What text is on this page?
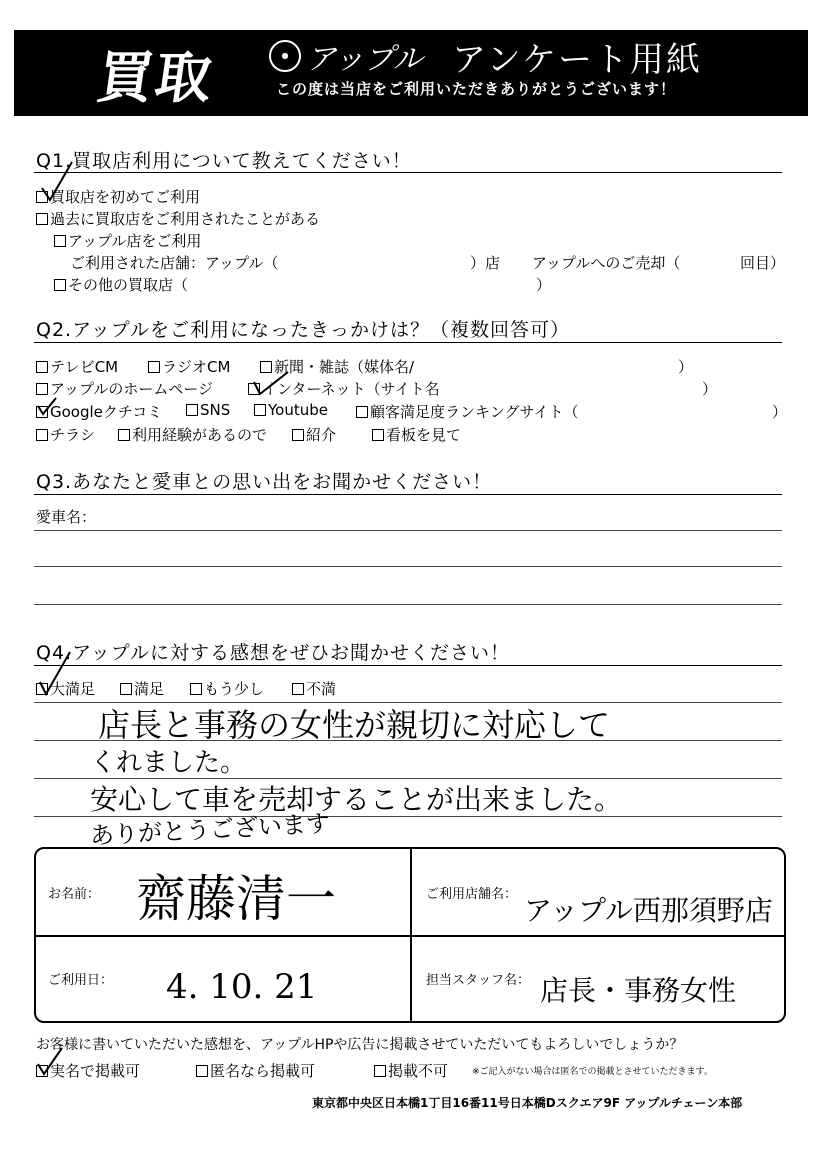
買取	● アップル アンケート用紙
この度は当店をご利用いただきありがとうございます！
Q1.買取店利用について教えてください！
買取店を初めてご利用
過去に買取店をご利用されたことがある
アップル店をご利用
ご利用された店舗：アップル（	）店 アップルへのご売却（	回目）
その他の買取店（	）
Q2.アップルをご利用になったきっかけは？（複数回答可）
テレビCM	ラジオCM	新聞・雑誌（媒体名/	）
アップルのホームページ	インターネット（サイト名	）
Googleクチコミ	SNS	Youtube	顧客満足度ランキングサイト（	）
チラシ	利用経験があるので	紹介	看板を見て
Q3.あなたと愛車との思い出をお聞かせください！
愛車名：
Q4.アップルに対する感想をぜひお聞かせください！
大満足	満足	もう少し	不満
店長と事務の女性が親切に対応して
くれました。
安心して車を売却することが出来ました。
ありがとうございます
お名前： 齋藤清一	ご利用店舗名： アップル西那須野店
ご利用日： 4. 10. 21	担当スタッフ名： 店長・事務女性
お客様に書いていただいた感想を、アップルHPや広告に掲載させていただいてもよろしいでしょうか？
実名で掲載可	匿名なら掲載可	掲載不可	※ご記入がない場合は匿名での掲載とさせていただきます。
東京都中央区日本橋1丁目16番11号日本橋Dスクエア9F アップルチェーン本部
